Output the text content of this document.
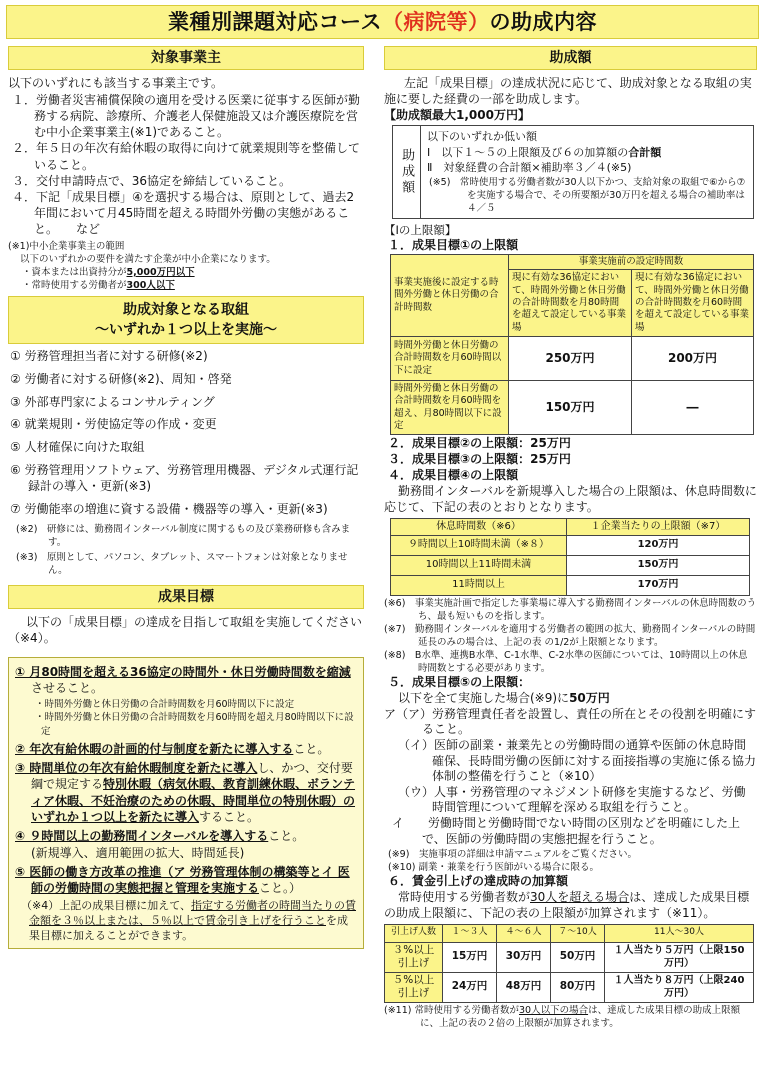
業種別課題対応コース（病院等）の助成内容
対象事業主

以下のいずれにも該当する事業主です。

１．労働者災害補償保険の適用を受ける医業に従事する医師が勤務する病院、診療所、介護老人保健施設又は介護医療院を営む中小企業事業主(※1)であること。

２．年５日の年次有給休暇の取得に向けて就業規則等を整備していること。

３．交付申請時点で、36協定を締結していること。

４．下記「成果目標」④を選択する場合は、原則として、過去2年間において月45時間を超える時間外労働の実態があること。　　など

(※1)中小企業事業主の範囲

以下のいずれかの要件を満たす企業が中小企業になります。

・資本または出資持分が5,000万円以下

・常時使用する労働者が300人以下

助成対象となる取組
～いずれか１つ以上を実施～

① 労務管理担当者に対する研修(※2)

② 労働者に対する研修(※2)、周知・啓発

③ 外部専門家によるコンサルティング

④ 就業規則・労使協定等の作成・変更

⑤ 人材確保に向けた取組

⑥ 労務管理用ソフトウェア、労務管理用機器、デジタル式運行記録計の導入・更新(※3)

⑦ 労働能率の増進に資する設備・機器等の導入・更新(※3)

(※2)　研修には、勤務間インターバル制度に関するもの及び業務研修も含みます。

(※3)　原則として、パソコン、タブレット、スマートフォンは対象となりません。

成果目標

以下の「成果目標」の達成を目指して取組を実施してください（※4）。

① 月80時間を超える36協定の時間外・休日労働時間数を縮減させること。

・時間外労働と休日労働の合計時間数を月60時間以下に設定

・時間外労働と休日労働の合計時間数を月60時間を超え月80時間以下に設定

② 年次有給休暇の計画的付与制度を新たに導入すること。

③ 時間単位の年次有給休暇制度を新たに導入し、かつ、交付要綱で規定する特別休暇（病気休暇、教育訓練休暇、ボランティア休暇、不妊治療のための休暇、時間単位の特別休暇）のいずれか１つ以上を新たに導入すること。

④ ９時間以上の勤務間インターバルを導入すること。

(新規導入、適用範囲の拡大、時間延長)

⑤ 医師の働き方改革の推進（ア 労務管理体制の構築等とイ 医師の労働時間の実態把握と管理を実施すること。）

（※4）上記の成果目標に加えて、指定する労働者の時間当たりの賃金額を３％以上または、５％以上で賃金引き上げを行うことを成果目標に加えることができます。

助成額

左記「成果目標」の達成状況に応じて、助成対象となる取組の実施に要した経費の一部を助成します。

【助成額最大1,000万円】

助成額

以下のいずれか低い額

Ⅰ　以下１～５の上限額及び６の加算額の合計額

Ⅱ　対象経費の合計額×補助率３／４(※5)

(※5)　常時使用する労働者数が30人以下かつ、支給対象の取組で⑥から⑦を実施する場合で、その所要額が30万円を超える場合の補助率は４／５

【Ⅰの上限額】

１．成果目標①の上限額

事業実施後に設定する時間外労働と休日労働の合計時間数	事業実施前の設定時間数	
	現に有効な36協定において、時間外労働と休日労働の合計時間数を月80時間を超えて設定している事業場	現に有効な36協定において、時間外労働と休日労働の合計時間数を月60時間を超えて設定している事業場
時間外労働と休日労働の合計時間数を月60時間以下に設定	250万円	200万円
時間外労働と休日労働の合計時間数を月60時間を超え、月80時間以下に設定	150万円	―

２．成果目標②の上限額：25万円

３．成果目標③の上限額：25万円

４．成果目標④の上限額

勤務間インターバルを新規導入した場合の上限額は、休息時間数に応じて、下記の表のとおりとなります。

休息時間数（※6）	１企業当たりの上限額（※7）
９時間以上10時間未満（※８）	120万円
10時間以上11時間未満	150万円
11時間以上	170万円

(※6)　事業実施計画で指定した事業場に導入する勤務間インターバルの休息時間数のうち、最も短いものを指します。

(※7)　勤務間インターバルを適用する労働者の範囲の拡大、勤務間インターバルの時間延長のみの場合は、上記の表 の1/2が上限額となります。

(※8)　B水準、連携B水準、C-1水準、C-2水準の医師については、10時間以上の休息時間数とする必要があります。

５．成果目標⑤の上限額：

以下を全て実施した場合(※9)に50万円

ア（ア）労務管理責任者を設置し、責任の所在とその役割を明確にすること。

（イ）医師の副業・兼業先との労働時間の通算や医師の休息時間確保、長時間労働の医師に対する面接指導の実施に係る協力体制の整備を行うこと（※10）

（ウ）人事・労務管理のマネジメント研修を実施するなど、労働時間管理について理解を深める取組を行うこと。

イ　　労働時間と労働時間でない時間の区別などを明確にした上で、医師の労働時間の実態把握を行うこと。

(※9)　実施事項の詳細は申請マニュアルをご覧ください。

(※10) 副業・兼業を行う医師がいる場合に限る。

６．賃金引上げの達成時の加算額

常時使用する労働者数が30人を超える場合は、達成した成果目標の助成上限額に、下記の表の上限額が加算されます（※11）。

引上げ人数	１～３人	４～６人	７～10人	11人～30人
３%以上引上げ	15万円	30万円	50万円	１人当たり５万円（上限150万円）
５%以上引上げ	24万円	48万円	80万円	１人当たり８万円（上限240万円）

(※11) 常時使用する労働者数が30人以下の場合は、達成した成果目標の助成上限額に、上記の表の２倍の上限額が加算されます。
